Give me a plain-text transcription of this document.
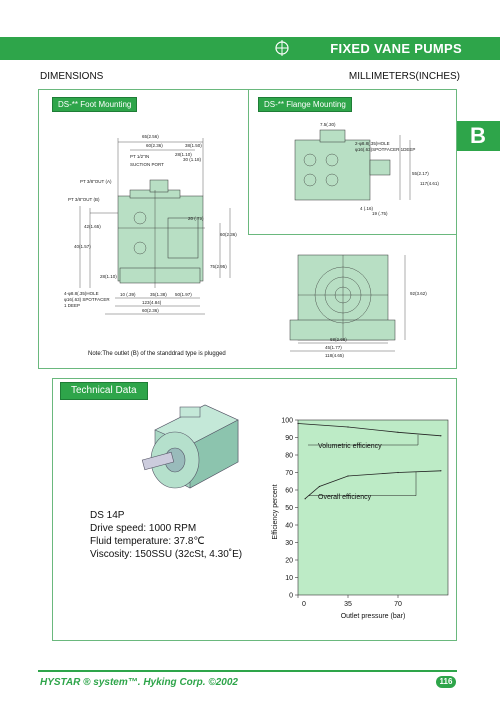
FIXED VANE PUMPS
DIMENSIONS	MILLIMETERS(INCHES)
B
DS-** Foot Mounting	DS-** Flange Mounting
65(2.56)
60(2.36)	38(1.50)
28(1.10)
30 (1.18)
PT 1/2"IN
SUCTION PORT
PT 3/8"OUT (A)
PT 3/8"OUT (B)
20 (.79)
60(2.36)
75(2.95)
40(1.57)
42(1.65)
28(1.10)
4-φ8.8(.35)HOLE
φ16(.63) SPOTFACER
1 DEEP
10 (.39)	35(1.38) 50(1.97)
123(4.84)
60(2.36)
7.5(.30)
2-φ8.8(.35)HOLE
φ16(.63)SPOTFACER 1DEEP
4 (.16)
19 (.75)
55(2.17)
117(4.61)
92(3.62)
68(2.68)
45(1.77)
118(4.65)
Note:The outlet (B) of the standdrad type is plugged
Technical Data
DS 14P
Drive speed: 1000 RPM
Fluid temperature: 37.8℃
Viscosity: 150SSU (32cSt, 4.30˚E)
0
10
20
30
40
50
60
70
80
90
100
0	35	70
Volumetric efficiency
Overall efficiency
Efficiency percent
Outlet pressure (bar)
HYSTAR ® system™. Hyking Corp. ©2002	116
